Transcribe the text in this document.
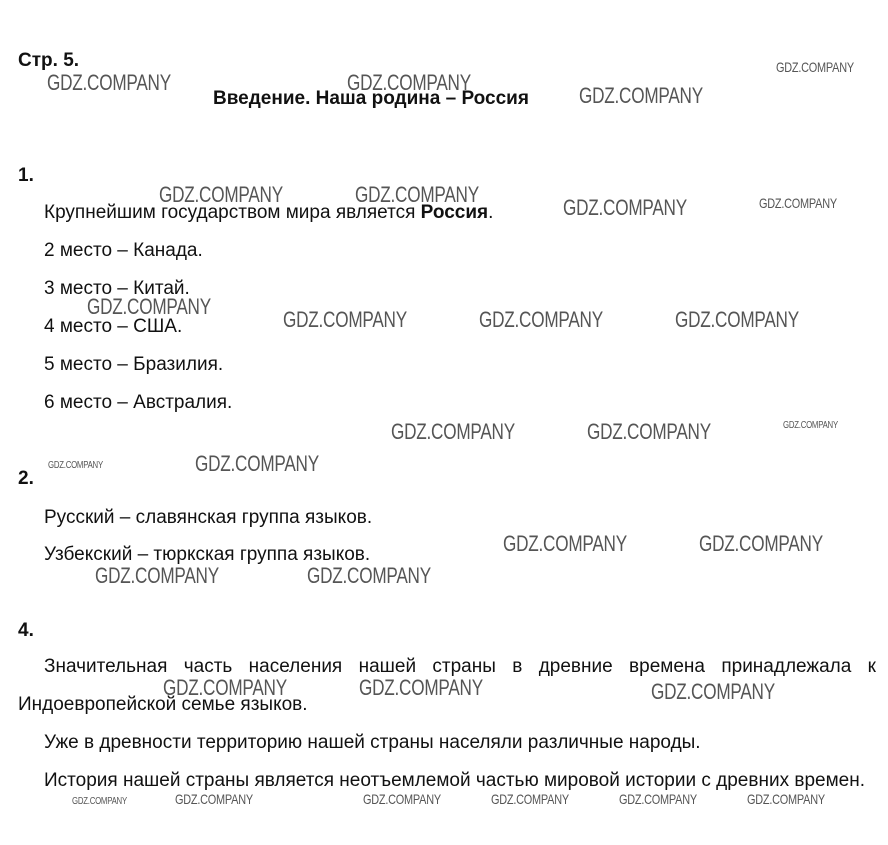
Стр. 5.
Введение. Наша родина – Россия
1.
Крупнейшим государством мира является Россия.
2 место – Канада.
3 место – Китай.
4 место – США.
5 место – Бразилия.
6 место – Австралия.
2.
Русский – славянская группа языков.
Узбекский – тюркская группа языков.
4.
Значительная часть населения нашей страны в древние времена принадлежала к Индоевропейской семье языков.
Уже в древности территорию нашей страны населяли различные народы.
История нашей страны является неотъемлемой частью мировой истории с древних времен.
GDZ.COMPANY	GDZ.COMPANY
GDZ.COMPANY
GDZ.COMPANY
GDZ.COMPANY	GDZ.COMPANY
GDZ.COMPANY	GDZ.COMPANY
GDZ.COMPANY
GDZ.COMPANY	GDZ.COMPANY	GDZ.COMPANY
GDZ.COMPANY	GDZ.COMPANY	GDZ.COMPANY
GDZ.COMPANY	GDZ.COMPANY
GDZ.COMPANY	GDZ.COMPANY
GDZ.COMPANY	GDZ.COMPANY
GDZ.COMPANY	GDZ.COMPANY	GDZ.COMPANY
GDZ.COMPANY	GDZ.COMPANY	GDZ.COMPANY	GDZ.COMPANY	GDZ.COMPANY	GDZ.COMPANY
